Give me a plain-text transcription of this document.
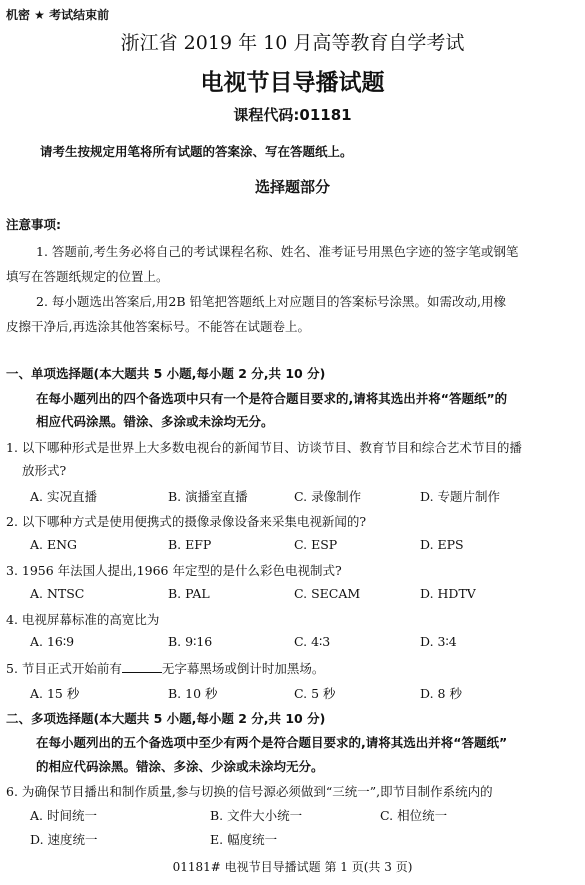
机密 ★ 考试结束前
浙江省 2019 年 10 月高等教育自学考试
电视节目导播试题
课程代码:01181
请考生按规定用笔将所有试题的答案涂、写在答题纸上。
选择题部分
注意事项:
1. 答题前,考生务必将自己的考试课程名称、姓名、准考证号用黑色字迹的签字笔或钢笔
填写在答题纸规定的位置上。
2. 每小题选出答案后,用2B 铅笔把答题纸上对应题目的答案标号涂黑。如需改动,用橡
皮擦干净后,再选涂其他答案标号。不能答在试题卷上。
一、单项选择题(本大题共 5 小题,每小题 2 分,共 10 分)
在每小题列出的四个备选项中只有一个是符合题目要求的,请将其选出并将“答题纸”的
相应代码涂黑。错涂、多涂或未涂均无分。
1. 以下哪种形式是世界上大多数电视台的新闻节目、访谈节目、教育节目和综合艺术节目的播
放形式?
A. 实况直播	B. 演播室直播	C. 录像制作	D. 专题片制作
2. 以下哪种方式是使用便携式的摄像录像设备来采集电视新闻的?
A. ENG	B. EFP	C. ESP	D. EPS
3. 1956 年法国人提出,1966 年定型的是什么彩色电视制式?
A. NTSC	B. PAL	C. SECAM	D. HDTV
4. 电视屏幕标准的高宽比为
A. 16∶9	B. 9∶16	C. 4∶3	D. 3∶4
5. 节目正式开始前有	无字幕黑场或倒计时加黑场。
A. 15 秒	B. 10 秒	C. 5 秒	D. 8 秒
二、多项选择题(本大题共 5 小题,每小题 2 分,共 10 分)
在每小题列出的五个备选项中至少有两个是符合题目要求的,请将其选出并将“答题纸”
的相应代码涂黑。错涂、多涂、少涂或未涂均无分。
6. 为确保节目播出和制作质量,参与切换的信号源必须做到“三统一”,即节目制作系统内的
A. 时间统一	B. 文件大小统一	C. 相位统一
D. 速度统一	E. 幅度统一
01181# 电视节目导播试题 第 1 页(共 3 页)
